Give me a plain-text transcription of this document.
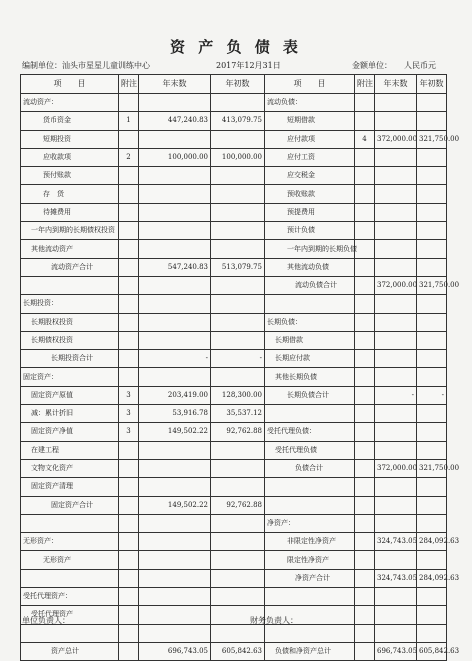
资 产 负 债 表
编制单位：汕头市星星儿童训练中心	2017年12月31日	金额单位： 人民币元
项　　目	附注	年末数	年初数	项　　目	附注	年末数	年初数
流动资产：				流动负债：			
货币资金	1	447,240.83	413,079.75	短期借款			
短期投资				应付款项	4	372,000.00	321,750.00
应收款项	2	100,000.00	100,000.00	应付工资			
预付账款				应交税金			
存　货				预收账款			
待摊费用				预提费用			
一年内到期的长期债权投资				预计负债			
其他流动资产				一年内到期的长期负债			
流动资产合计		547,240.83	513,079.75	其他流动负债			
				流动负债合计		372,000.00	321,750.00
长期投资：							
长期股权投资				长期负债：			
长期债权投资				长期借款			
长期投资合计		-	-	长期应付款			
固定资产：				其他长期负债			
固定资产原值	3	203,419.00	128,300.00	长期负债合计		-	-
减：累计折旧	3	53,916.78	35,537.12				
固定资产净值	3	149,502.22	92,762.88	受托代理负债：			
在建工程				受托代理负债			
文物文化资产				负债合计		372,000.00	321,750.00
固定资产清理							
固定资产合计		149,502.22	92,762.88				
				净资产：			
无形资产：				非限定性净资产		324,743.05	284,092.63
无形资产				限定性净资产			
				净资产合计		324,743.05	284,092.63
受托代理资产：							
受托代理资产							

资产总计		696,743.05	605,842.63	负债和净资产总计		696,743.05	605,842.63
单位负责人：	财务负责人：
